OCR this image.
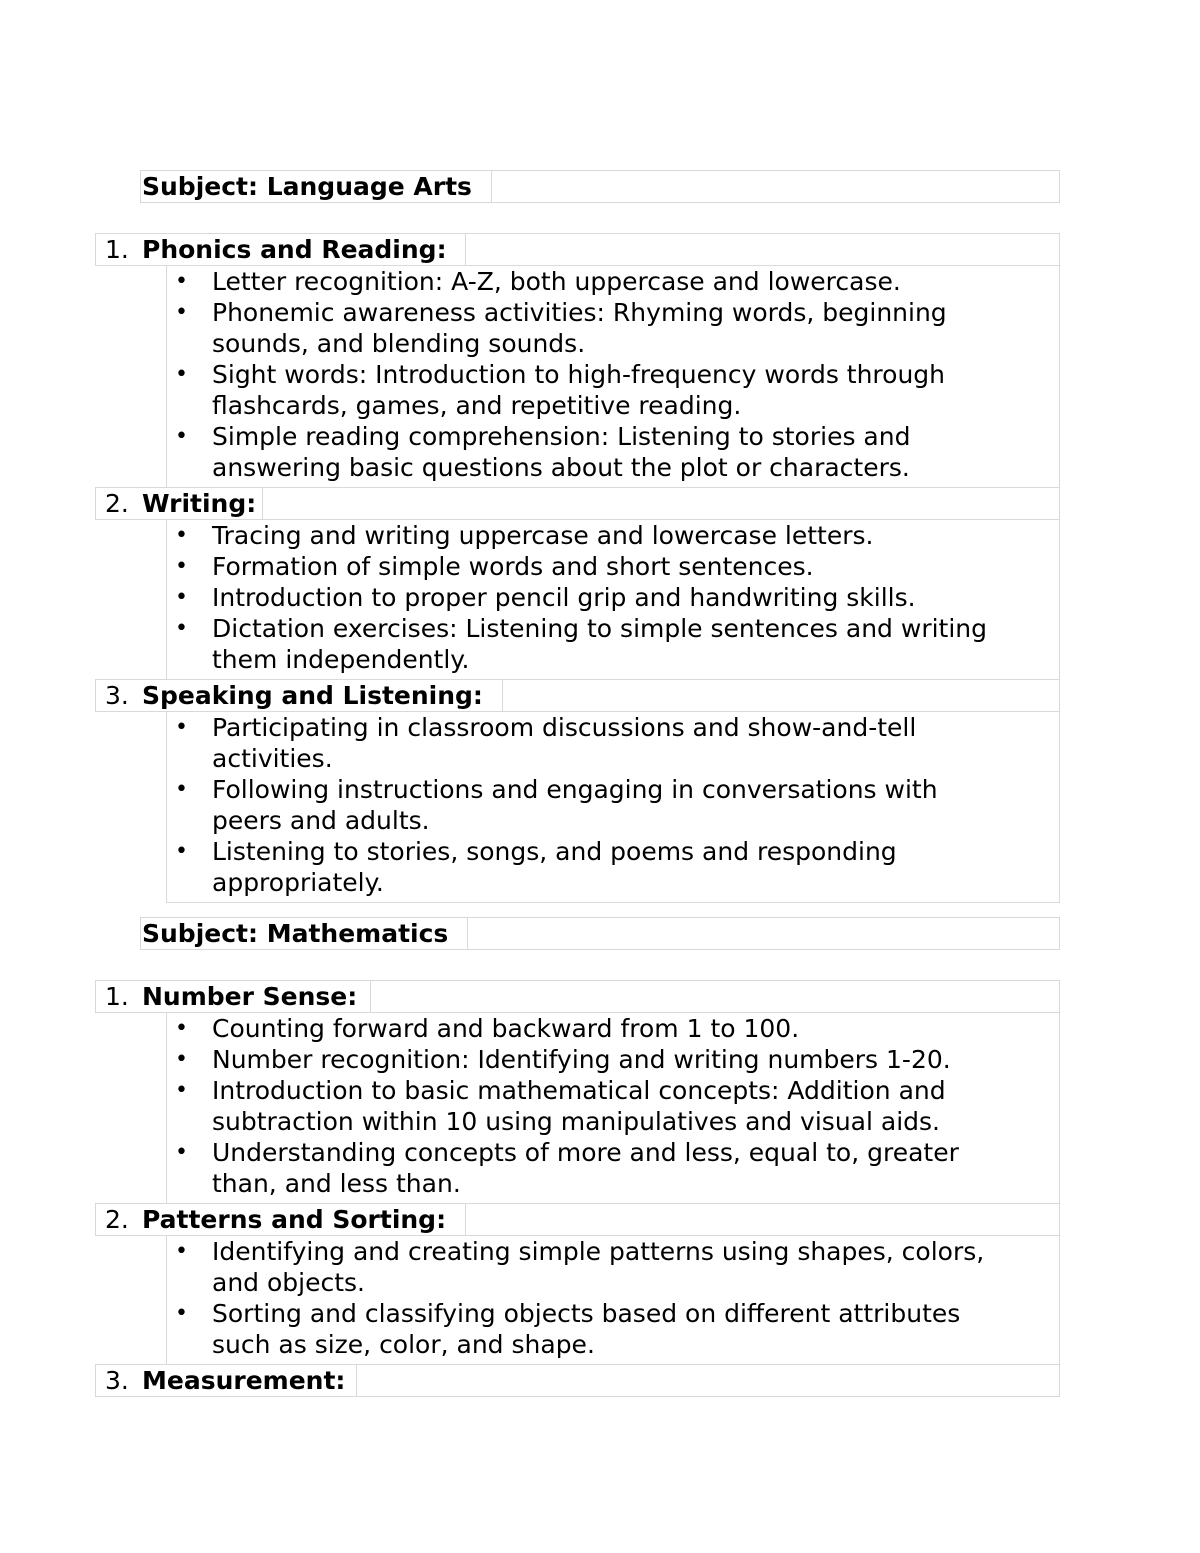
Subject: Language Arts
1. Phonics and Reading:
• Letter recognition: A-Z, both uppercase and lowercase.
• Phonemic awareness activities: Rhyming words, beginning
sounds, and blending sounds.
• Sight words: Introduction to high-frequency words through
flashcards, games, and repetitive reading.
• Simple reading comprehension: Listening to stories and
answering basic questions about the plot or characters.
2. Writing:
• Tracing and writing uppercase and lowercase letters.
• Formation of simple words and short sentences.
• Introduction to proper pencil grip and handwriting skills.
• Dictation exercises: Listening to simple sentences and writing
them independently.
3. Speaking and Listening:
• Participating in classroom discussions and show-and-tell
activities.
• Following instructions and engaging in conversations with
peers and adults.
• Listening to stories, songs, and poems and responding
appropriately.
Subject: Mathematics
1. Number Sense:
• Counting forward and backward from 1 to 100.
• Number recognition: Identifying and writing numbers 1-20.
• Introduction to basic mathematical concepts: Addition and
subtraction within 10 using manipulatives and visual aids.
• Understanding concepts of more and less, equal to, greater
than, and less than.
2. Patterns and Sorting:
• Identifying and creating simple patterns using shapes, colors,
and objects.
• Sorting and classifying objects based on different attributes
such as size, color, and shape.
3. Measurement:
